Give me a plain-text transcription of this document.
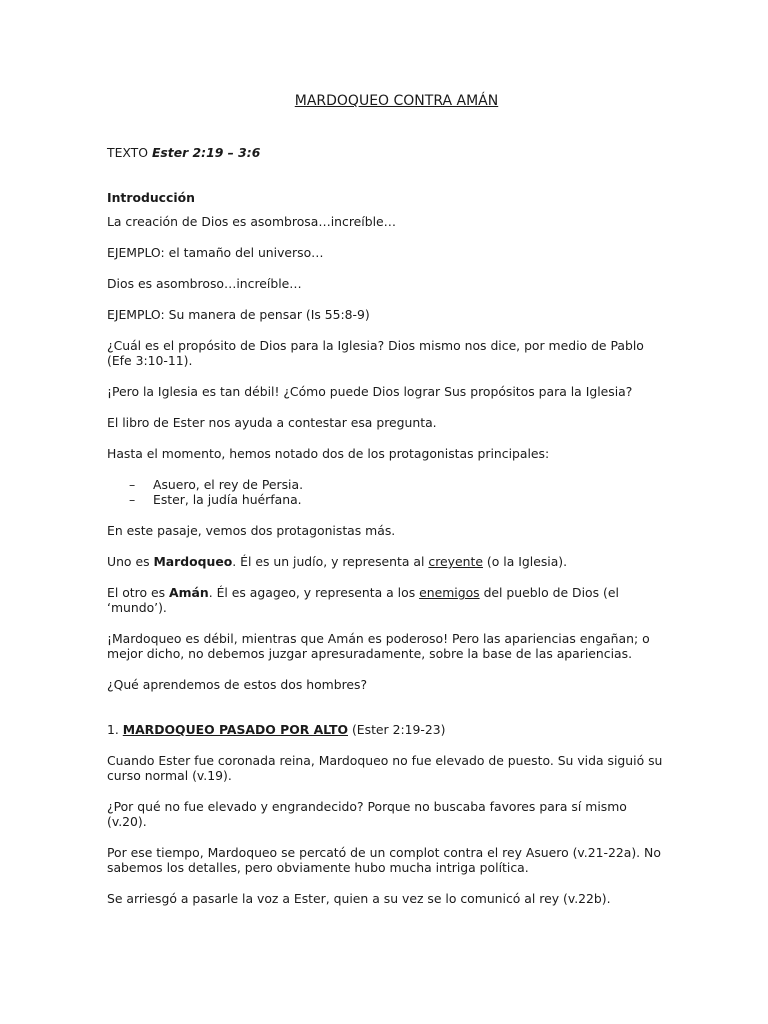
MARDOQUEO CONTRA AMÁN

TEXTO Ester 2:19 – 3:6

Introducción

La creación de Dios es asombrosa…increíble…

EJEMPLO: el tamaño del universo…

Dios es asombroso…increíble…

EJEMPLO: Su manera de pensar (Is 55:8-9)

¿Cuál es el propósito de Dios para la Iglesia? Dios mismo nos dice, por medio de Pablo (Efe 3:10-11).

¡Pero la Iglesia es tan débil! ¿Cómo puede Dios lograr Sus propósitos para la Iglesia?

El libro de Ester nos ayuda a contestar esa pregunta.

Hasta el momento, hemos notado dos de los protagonistas principales:

– Asuero, el rey de Persia.
– Ester, la judía huérfana.

En este pasaje, vemos dos protagonistas más.

Uno es Mardoqueo. Él es un judío, y representa al creyente (o la Iglesia).

El otro es Amán. Él es agageo, y representa a los enemigos del pueblo de Dios (el ‘mundo’).

¡Mardoqueo es débil, mientras que Amán es poderoso! Pero las apariencias engañan; o mejor dicho, no debemos juzgar apresuradamente, sobre la base de las apariencias.

¿Qué aprendemos de estos dos hombres?

1. MARDOQUEO PASADO POR ALTO (Ester 2:19-23)

Cuando Ester fue coronada reina, Mardoqueo no fue elevado de puesto. Su vida siguió su curso normal (v.19).

¿Por qué no fue elevado y engrandecido? Porque no buscaba favores para sí mismo (v.20).

Por ese tiempo, Mardoqueo se percató de un complot contra el rey Asuero (v.21-22a). No sabemos los detalles, pero obviamente hubo mucha intriga política.

Se arriesgó a pasarle la voz a Ester, quien a su vez se lo comunicó al rey (v.22b).
